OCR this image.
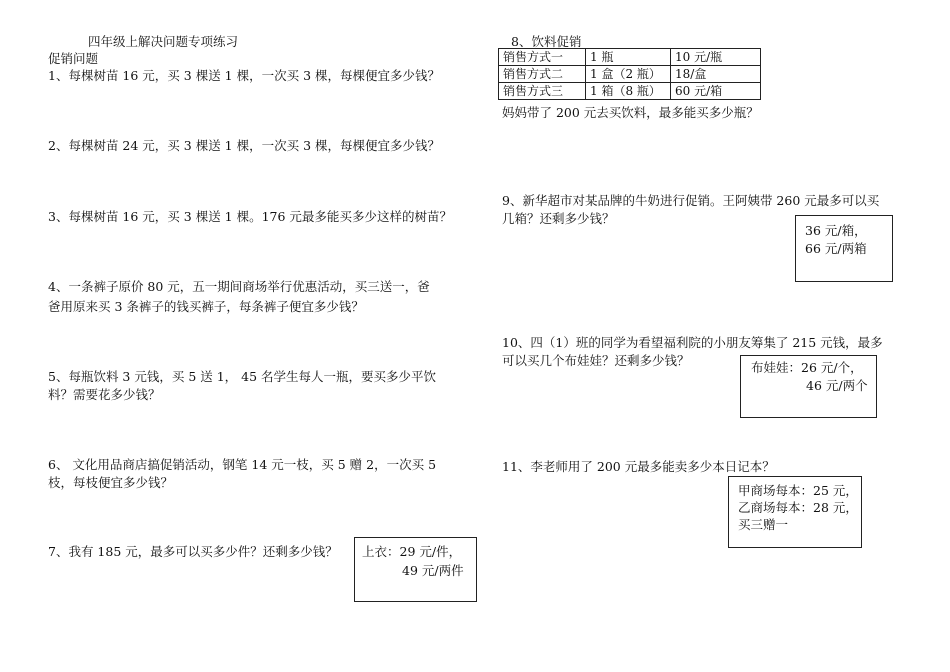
四年级上解决问题专项练习
促销问题
1、每棵树苗 16 元，买 3 棵送 1 棵，一次买 3 棵，每棵便宜多少钱？
2、每棵树苗 24 元，买 3 棵送 1 棵，一次买 3 棵，每棵便宜多少钱？
3、每棵树苗 16 元，买 3 棵送 1 棵。176 元最多能买多少这样的树苗？
4、一条裤子原价 80 元，五一期间商场举行优惠活动，买三送一，爸
爸用原来买 3 条裤子的钱买裤子，每条裤子便宜多少钱？
5、每瓶饮料 3 元钱，买 5 送 1， 45 名学生每人一瓶，要买多少平饮
料？需要花多少钱？
6、 文化用品商店搞促销活动，钢笔 14 元一枝，买 5 赠 2，一次买 5
枝，每枝便宜多少钱？
7、我有 185 元，最多可以买多少件？还剩多少钱？ 上衣：29 元/件，
49 元/两件
8、饮料促销
销售方式一	1 瓶	10 元/瓶
销售方式二	1 盒（2 瓶）	18/盒
销售方式三	1 箱（8 瓶）	60 元/箱
妈妈带了 200 元去买饮料，最多能买多少瓶？
9、新华超市对某品牌的牛奶进行促销。王阿姨带 260 元最多可以买
几箱？还剩多少钱？
36 元/箱，
66 元/两箱
10、四（1）班的同学为看望福利院的小朋友筹集了 215 元钱，最多
可以买几个布娃娃？还剩多少钱？	布娃娃：26 元/个，
46 元/两个
11、李老师用了 200 元最多能卖多少本日记本？
甲商场每本：25 元，
乙商场每本：28 元，
买三赠一
